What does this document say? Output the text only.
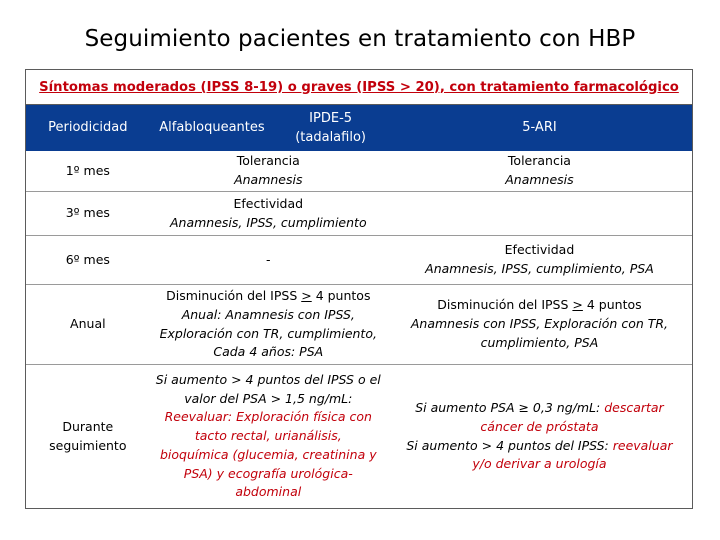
Seguimiento pacientes en tratamiento con HBP
Síntomas moderados (IPSS 8-19) o graves (IPSS > 20), con tratamiento farmacológico
Periodicidad	Alfabloqueantes
IPDE-5
(tadalafilo)
5-ARI
1º mes
Tolerancia
Anamnesis
Tolerancia
Anamnesis
3º mes
Efectividad
Anamnesis, IPSS, cumplimiento
6º mes	-
Efectividad
Anamnesis, IPSS, cumplimiento, PSA
Anual
Disminución del IPSS > 4 puntos
Anual: Anamnesis con IPSS,
Exploración con TR, cumplimiento,
Cada 4 años: PSA
Disminución del IPSS > 4 puntos
Anamnesis con IPSS, Exploración con TR,
cumplimiento, PSA
Durante
seguimiento
Si aumento > 4 puntos del IPSS o el
valor del PSA > 1,5 ng/mL:
Reevaluar: Exploración física con
tacto rectal, urianálisis,
bioquímica (glucemia, creatinina y
PSA) y ecografía urológica-
abdominal
Si aumento PSA ≥ 0,3 ng/mL: descartar
cáncer de próstata
Si aumento > 4 puntos del IPSS: reevaluar
y/o derivar a urología
